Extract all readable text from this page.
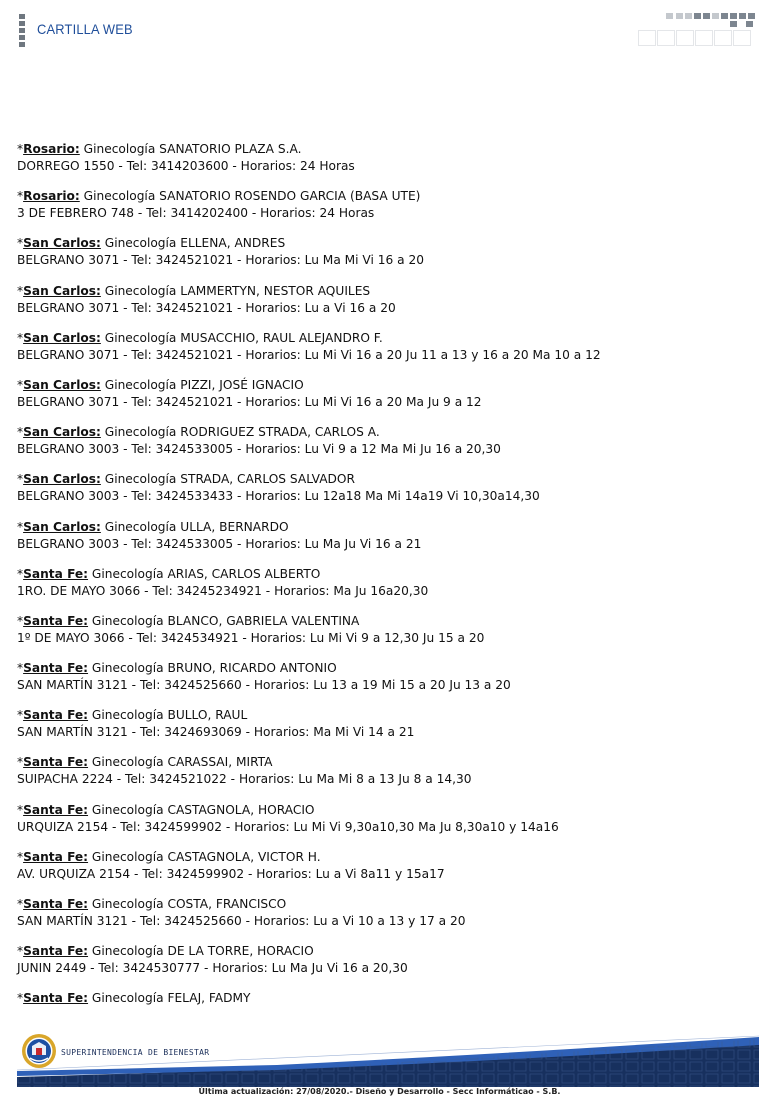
CARTILLA WEB
*Rosario: Ginecología SANATORIO PLAZA S.A.
DORREGO 1550 - Tel: 3414203600 - Horarios: 24 Horas
*Rosario: Ginecología SANATORIO ROSENDO GARCIA (BASA UTE)
3 DE FEBRERO 748 - Tel: 3414202400 - Horarios: 24 Horas
*San Carlos: Ginecología ELLENA, ANDRES
BELGRANO 3071 - Tel: 3424521021 - Horarios: Lu Ma Mi Vi 16 a 20
*San Carlos: Ginecología LAMMERTYN, NESTOR AQUILES
BELGRANO 3071 - Tel: 3424521021 - Horarios: Lu a Vi 16 a 20
*San Carlos: Ginecología MUSACCHIO, RAUL ALEJANDRO F.
BELGRANO 3071 - Tel: 3424521021 - Horarios: Lu Mi Vi 16 a 20 Ju 11 a 13 y 16 a 20 Ma 10 a 12
*San Carlos: Ginecología PIZZI, JOSÉ IGNACIO
BELGRANO 3071 - Tel: 3424521021 - Horarios: Lu Mi Vi 16 a 20 Ma Ju 9 a 12
*San Carlos: Ginecología RODRIGUEZ STRADA, CARLOS A.
BELGRANO 3003 - Tel: 3424533005 - Horarios: Lu Vi 9 a 12 Ma Mi Ju 16 a 20,30
*San Carlos: Ginecología STRADA, CARLOS SALVADOR
BELGRANO 3003 - Tel: 3424533433 - Horarios: Lu 12a18 Ma Mi 14a19 Vi 10,30a14,30
*San Carlos: Ginecología ULLA, BERNARDO
BELGRANO 3003 - Tel: 3424533005 - Horarios: Lu Ma Ju Vi 16 a 21
*Santa Fe: Ginecología ARIAS, CARLOS ALBERTO
1RO. DE MAYO 3066 - Tel: 34245234921 - Horarios: Ma Ju 16a20,30
*Santa Fe: Ginecología BLANCO, GABRIELA VALENTINA
1º DE MAYO 3066 - Tel: 3424534921 - Horarios: Lu Mi Vi 9 a 12,30 Ju 15 a 20
*Santa Fe: Ginecología BRUNO, RICARDO ANTONIO
SAN MARTÍN 3121 - Tel: 3424525660 - Horarios: Lu 13 a 19 Mi 15 a 20 Ju 13 a 20
*Santa Fe: Ginecología BULLO, RAUL
SAN MARTÍN 3121 - Tel: 3424693069 - Horarios: Ma Mi Vi 14 a 21
*Santa Fe: Ginecología CARASSAI, MIRTA
SUIPACHA 2224 - Tel: 3424521022 - Horarios: Lu Ma Mi 8 a 13 Ju 8 a 14,30
*Santa Fe: Ginecología CASTAGNOLA, HORACIO
URQUIZA 2154 - Tel: 3424599902 - Horarios: Lu Mi Vi 9,30a10,30 Ma Ju 8,30a10 y 14a16
*Santa Fe: Ginecología CASTAGNOLA, VICTOR H.
AV. URQUIZA 2154 - Tel: 3424599902 - Horarios: Lu a Vi 8a11 y 15a17
*Santa Fe: Ginecología COSTA, FRANCISCO
SAN MARTÍN 3121 - Tel: 3424525660 - Horarios: Lu a Vi 10 a 13 y 17 a 20
*Santa Fe: Ginecología DE LA TORRE, HORACIO
JUNIN 2449 - Tel: 3424530777 - Horarios: Lu Ma Ju Vi 16 a 20,30
*Santa Fe: Ginecología FELAJ, FADMY
SUPERINTENDENCIA DE BIENESTAR
Última actualización: 27/08/2020.- Diseño y Desarrollo - Secc Informáticao - S.B.
